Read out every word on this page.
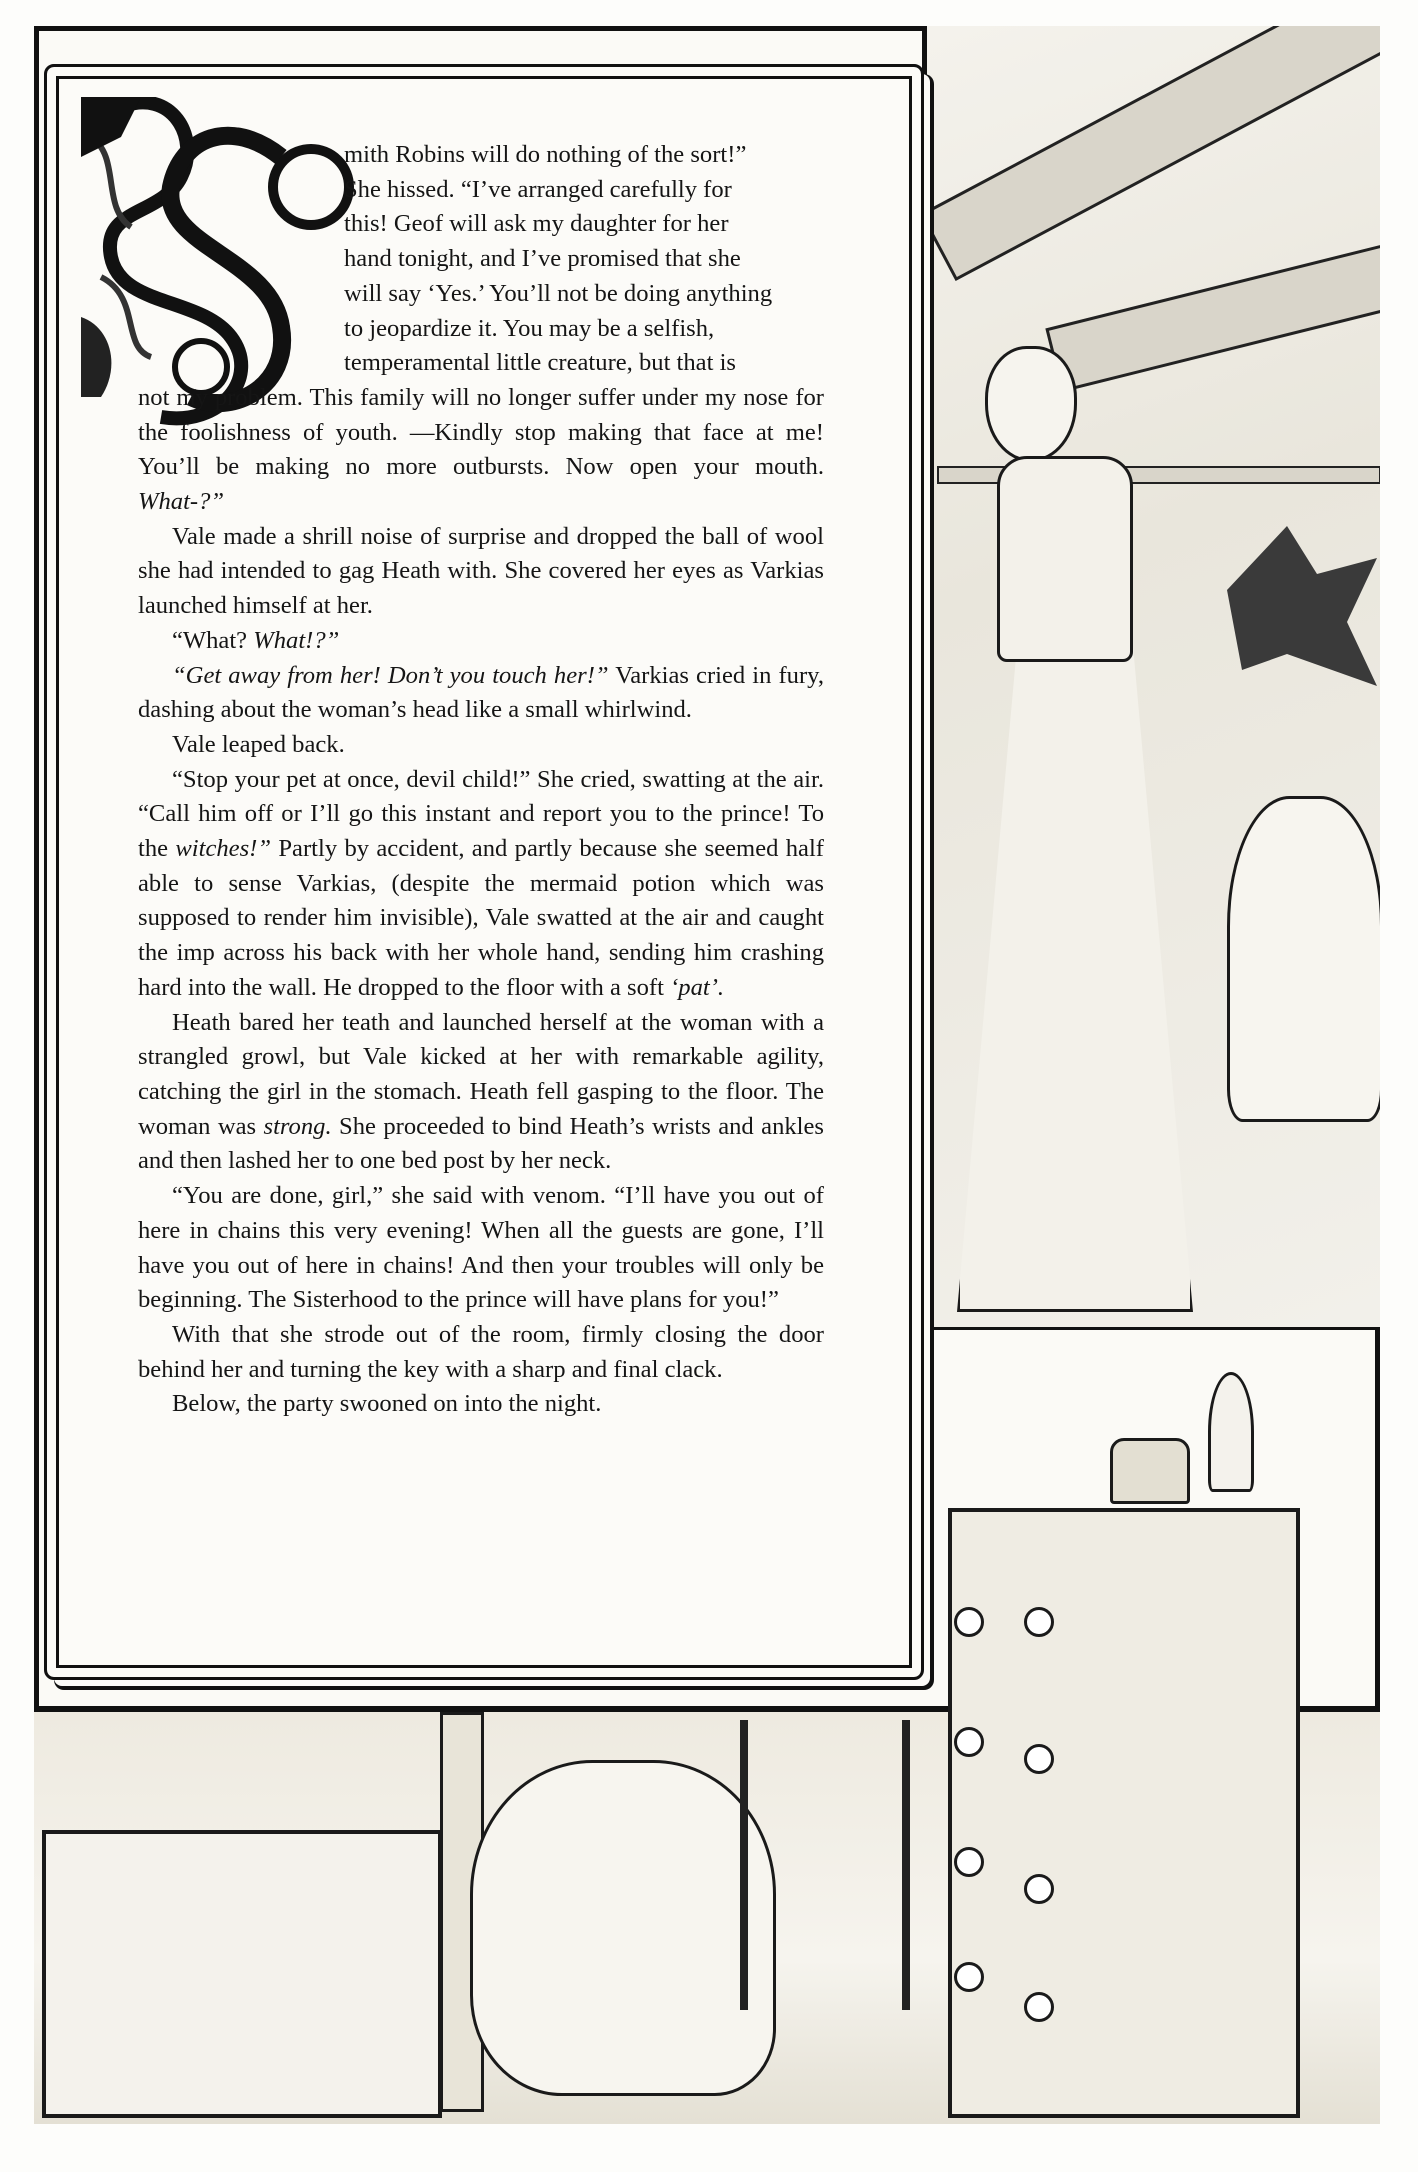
mith Robins will do nothing of the sort!”

She hissed. “I’ve arranged carefully for

this! Geof will ask my daughter for her

hand tonight, and I’ve promised that she

will say ‘Yes.’ You’ll not be doing anything

to jeopardize it. You may be a selfish,

temperamental little creature, but that is

not my problem. This family will no longer suffer under my nose for the foolishness of youth. —Kindly stop making that face at me! You’ll be making no more outbursts. Now open your mouth. What-?”

Vale made a shrill noise of surprise and dropped the ball of wool she had intended to gag Heath with. She covered her eyes as Varkias launched himself at her.

“What? What!?”

“Get away from her! Don’t you touch her!” Varkias cried in fury, dashing about the woman’s head like a small whirlwind.

Vale leaped back.

“Stop your pet at once, devil child!” She cried, swatting at the air. “Call him off or I’ll go this instant and report you to the prince! To the witches!” Partly by accident, and partly because she seemed half able to sense Varkias, (despite the mermaid potion which was supposed to render him invisible), Vale swatted at the air and caught the imp across his back with her whole hand, sending him crashing hard into the wall. He dropped to the floor with a soft ‘pat’.

Heath bared her teath and launched herself at the woman with a strangled growl, but Vale kicked at her with remarkable agility, catching the girl in the stomach. Heath fell gasping to the floor. The woman was strong. She proceeded to bind Heath’s wrists and ankles and then lashed her to one bed post by her neck.

“You are done, girl,” she said with venom. “I’ll have you out of here in chains this very evening! When all the guests are gone, I’ll have you out of here in chains! And then your troubles will only be beginning. The Sisterhood to the prince will have plans for you!”

With that she strode out of the room, firmly closing the door behind her and turning the key with a sharp and final clack.

Below, the party swooned on into the night.
